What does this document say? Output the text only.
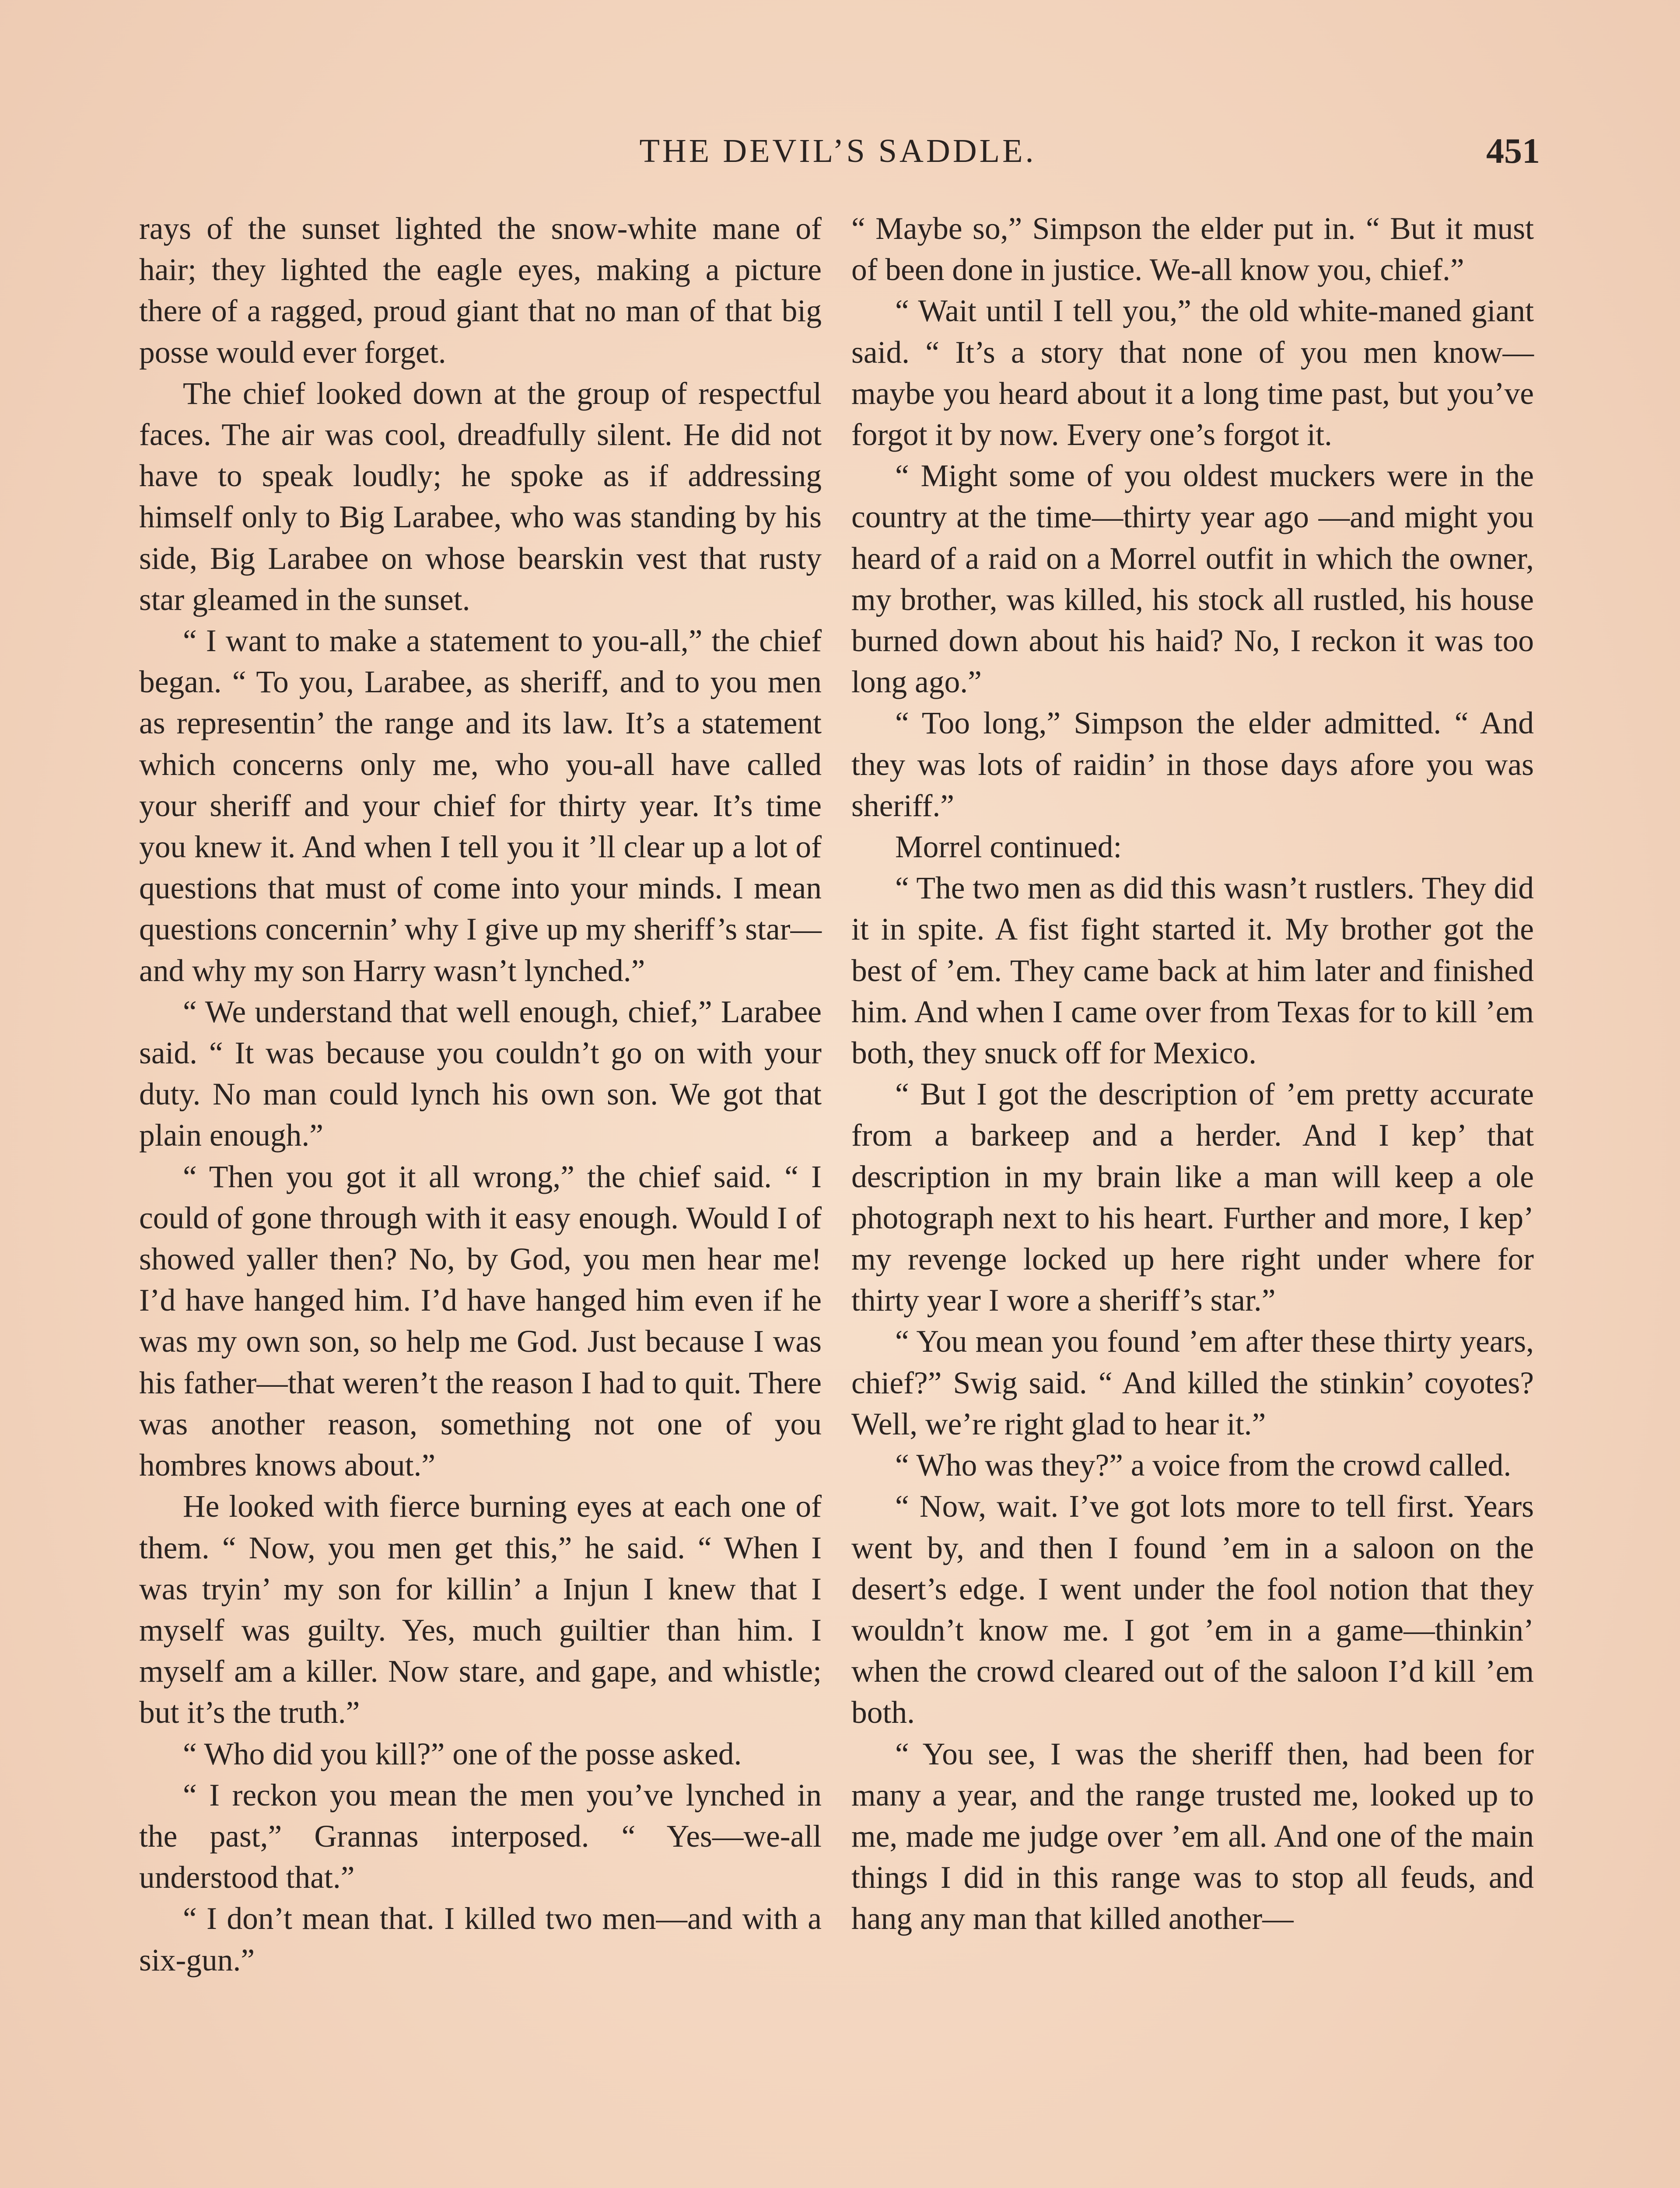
THE DEVIL’S SADDLE.	451

rays of the sunset lighted the snow-white mane of hair; they lighted the eagle eyes, making a picture there of a ragged, proud giant that no man of that big posse would ever forget.

The chief looked down at the group of respectful faces. The air was cool, dreadfully silent. He did not have to speak loudly; he spoke as if addressing himself only to Big Larabee, who was standing by his side, Big Larabee on whose bearskin vest that rusty star gleamed in the sunset.

“ I want to make a statement to you-all,” the chief began. “ To you, Larabee, as sheriff, and to you men as representin’ the range and its law. It’s a statement which concerns only me, who you-all have called your sheriff and your chief for thirty year. It’s time you knew it. And when I tell you it ’ll clear up a lot of questions that must of come into your minds. I mean questions concernin’ why I give up my sheriff’s star—and why my son Harry wasn’t lynched.”

“ We understand that well enough, chief,” Larabee said. “ It was because you couldn’t go on with your duty. No man could lynch his own son. We got that plain enough.”

“ Then you got it all wrong,” the chief said. “ I could of gone through with it easy enough. Would I of showed yaller then? No, by God, you men hear me! I’d have hanged him. I’d have hanged him even if he was my own son, so help me God. Just because I was his father—that weren’t the reason I had to quit. There was another reason, something not one of you hombres knows about.”

He looked with fierce burning eyes at each one of them. “ Now, you men get this,” he said. “ When I was tryin’ my son for killin’ a Injun I knew that I myself was guilty. Yes, much guiltier than him. I myself am a killer. Now stare, and gape, and whistle; but it’s the truth.”

“ Who did you kill?” one of the posse asked.

“ I reckon you mean the men you’ve lynched in the past,” Grannas interposed. “ Yes—we-all understood that.”

“ I don’t mean that. I killed two men—and with a six-gun.”

“ Maybe so,” Simpson the elder put in. “ But it must of been done in justice. We-all know you, chief.”

“ Wait until I tell you,” the old white-maned giant said. “ It’s a story that none of you men know—maybe you heard about it a long time past, but you’ve forgot it by now. Every one’s forgot it.

“ Might some of you oldest muckers were in the country at the time—thirty year ago —and might you heard of a raid on a Morrel outfit in which the owner, my brother, was killed, his stock all rustled, his house burned down about his haid? No, I reckon it was too long ago.”

“ Too long,” Simpson the elder admitted. “ And they was lots of raidin’ in those days afore you was sheriff.”

Morrel continued:

“ The two men as did this wasn’t rustlers. They did it in spite. A fist fight started it. My brother got the best of ’em. They came back at him later and finished him. And when I came over from Texas for to kill ’em both, they snuck off for Mexico.

“ But I got the description of ’em pretty accurate from a barkeep and a herder. And I kep’ that description in my brain like a man will keep a ole photograph next to his heart. Further and more, I kep’ my revenge locked up here right under where for thirty year I wore a sheriff’s star.”

“ You mean you found ’em after these thirty years, chief?” Swig said. “ And killed the stinkin’ coyotes? Well, we’re right glad to hear it.”

“ Who was they?” a voice from the crowd called.

“ Now, wait. I’ve got lots more to tell first. Years went by, and then I found ’em in a saloon on the desert’s edge. I went under the fool notion that they wouldn’t know me. I got ’em in a game—thinkin’ when the crowd cleared out of the saloon I’d kill ’em both.

“ You see, I was the sheriff then, had been for many a year, and the range trusted me, looked up to me, made me judge over ’em all. And one of the main things I did in this range was to stop all feuds, and hang any man that killed another—
